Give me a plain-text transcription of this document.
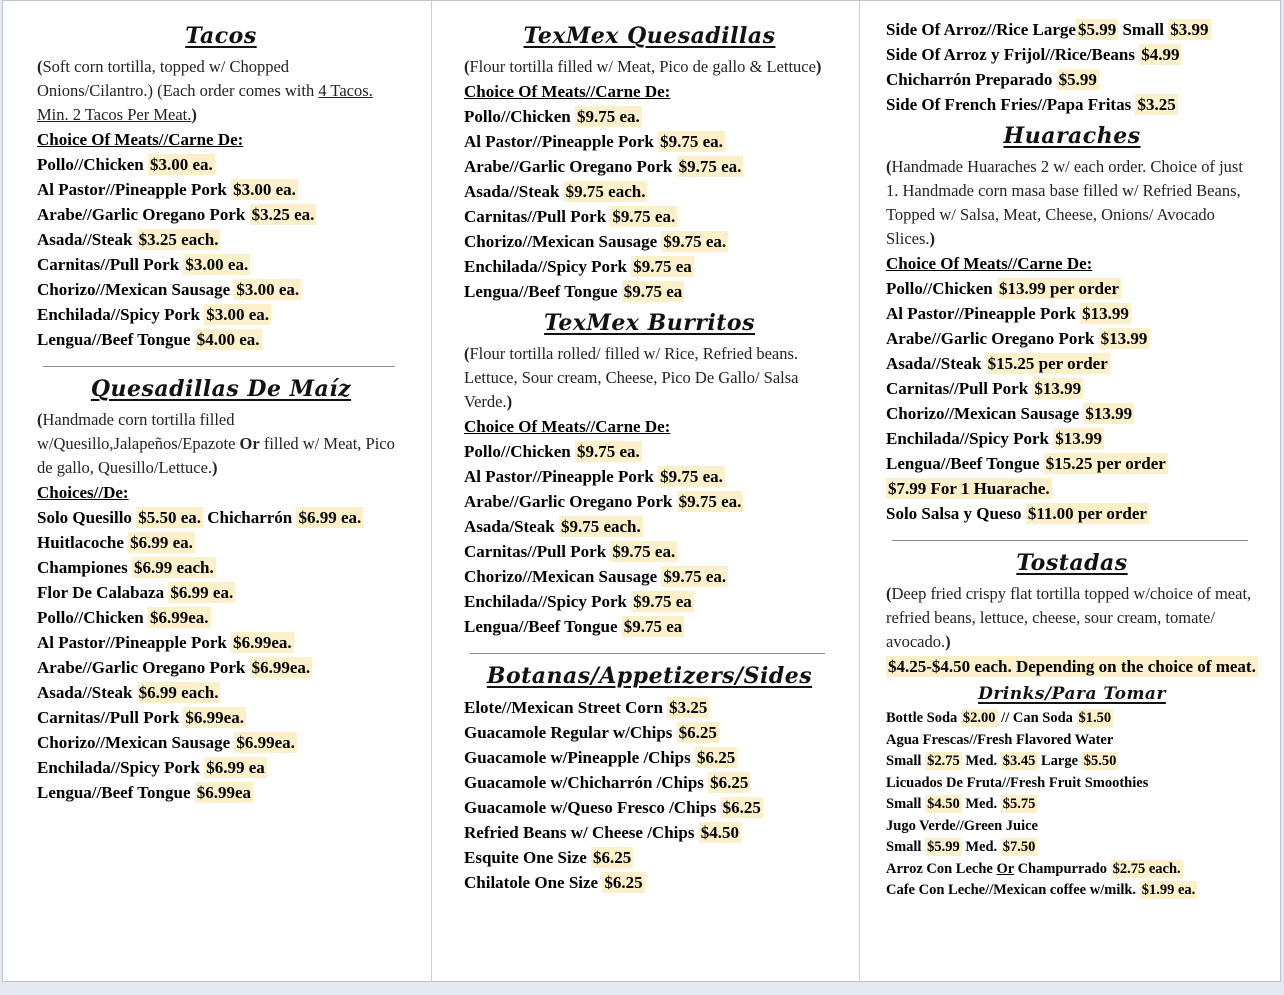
Tacos
(Soft corn tortilla, topped w/ Chopped Onions/Cilantro.) (Each order comes with 4 Tacos. Min. 2 Tacos Per Meat.)
Choice Of Meats//Carne De:
Pollo//Chicken $3.00 ea.
Al Pastor//Pineapple Pork $3.00 ea.
Arabe//Garlic Oregano Pork $3.25 ea.
Asada//Steak $3.25 each.
Carnitas//Pull Pork $3.00 ea.
Chorizo//Mexican Sausage $3.00 ea.
Enchilada//Spicy Pork $3.00 ea.
Lengua//Beef Tongue $4.00 ea.
Quesadillas De Maíz
(Handmade corn tortilla filled w/Quesillo,Jalapeños/Epazote Or filled w/ Meat, Pico de gallo, Quesillo/Lettuce.)
Choices//De:
Solo Quesillo $5.50 ea. Chicharrón $6.99 ea.
Huitlacoche $6.99 ea.
Championes $6.99 each.
Flor De Calabaza $6.99 ea.
Pollo//Chicken $6.99ea.
Al Pastor//Pineapple Pork $6.99ea.
Arabe//Garlic Oregano Pork $6.99ea.
Asada//Steak $6.99 each.
Carnitas//Pull Pork $6.99ea.
Chorizo//Mexican Sausage $6.99ea.
Enchilada//Spicy Pork $6.99 ea
Lengua//Beef Tongue $6.99ea
TexMex Quesadillas
(Flour tortilla filled w/ Meat, Pico de gallo & Lettuce)
Choice Of Meats//Carne De:
Pollo//Chicken $9.75 ea.
Al Pastor//Pineapple Pork $9.75 ea.
Arabe//Garlic Oregano Pork $9.75 ea.
Asada//Steak $9.75 each.
Carnitas//Pull Pork $9.75 ea.
Chorizo//Mexican Sausage $9.75 ea.
Enchilada//Spicy Pork $9.75 ea
Lengua//Beef Tongue $9.75 ea
TexMex Burritos
(Flour tortilla rolled/ filled w/ Rice, Refried beans. Lettuce, Sour cream, Cheese, Pico De Gallo/ Salsa Verde.)
Choice Of Meats//Carne De:
Pollo//Chicken $9.75 ea.
Al Pastor//Pineapple Pork $9.75 ea.
Arabe//Garlic Oregano Pork $9.75 ea.
Asada/Steak $9.75 each.
Carnitas//Pull Pork $9.75 ea.
Chorizo//Mexican Sausage $9.75 ea.
Enchilada//Spicy Pork $9.75 ea
Lengua//Beef Tongue $9.75 ea
Botanas/Appetizers/Sides
Elote//Mexican Street Corn $3.25
Guacamole Regular w/Chips $6.25
Guacamole w/Pineapple /Chips $6.25
Guacamole w/Chicharrón /Chips $6.25
Guacamole w/Queso Fresco /Chips $6.25
Refried Beans w/ Cheese /Chips $4.50
Esquite One Size $6.25
Chilatole One Size $6.25
Side Of Arroz//Rice Large $5.99 Small $3.99
Side Of Arroz y Frijol//Rice/Beans $4.99
Chicharrón Preparado $5.99
Side Of French Fries//Papa Fritas $3.25
Huaraches
(Handmade Huaraches 2 w/ each order. Choice of just 1. Handmade corn masa base filled w/ Refried Beans, Topped w/ Salsa, Meat, Cheese, Onions/ Avocado Slices.)
Choice Of Meats//Carne De:
Pollo//Chicken $13.99 per order
Al Pastor//Pineapple Pork $13.99
Arabe//Garlic Oregano Pork $13.99
Asada//Steak $15.25 per order
Carnitas//Pull Pork $13.99
Chorizo//Mexican Sausage $13.99
Enchilada//Spicy Pork $13.99
Lengua//Beef Tongue $15.25 per order
$7.99 For 1 Huarache.
Solo Salsa y Queso $11.00 per order
Tostadas
(Deep fried crispy flat tortilla topped w/choice of meat, refried beans, lettuce, cheese, sour cream, tomate/ avocado.)
$4.25-$4.50 each. Depending on the choice of meat.
Drinks/Para Tomar
Bottle Soda $2.00 // Can Soda $1.50
Agua Frescas//Fresh Flavored Water
Small $2.75 Med. $3.45 Large $5.50
Licuados De Fruta//Fresh Fruit Smoothies
Small $4.50 Med. $5.75
Jugo Verde//Green Juice
Small $5.99 Med. $7.50
Arroz Con Leche Or Champurrado $2.75 each.
Cafe Con Leche//Mexican coffee w/milk. $1.99 ea.
